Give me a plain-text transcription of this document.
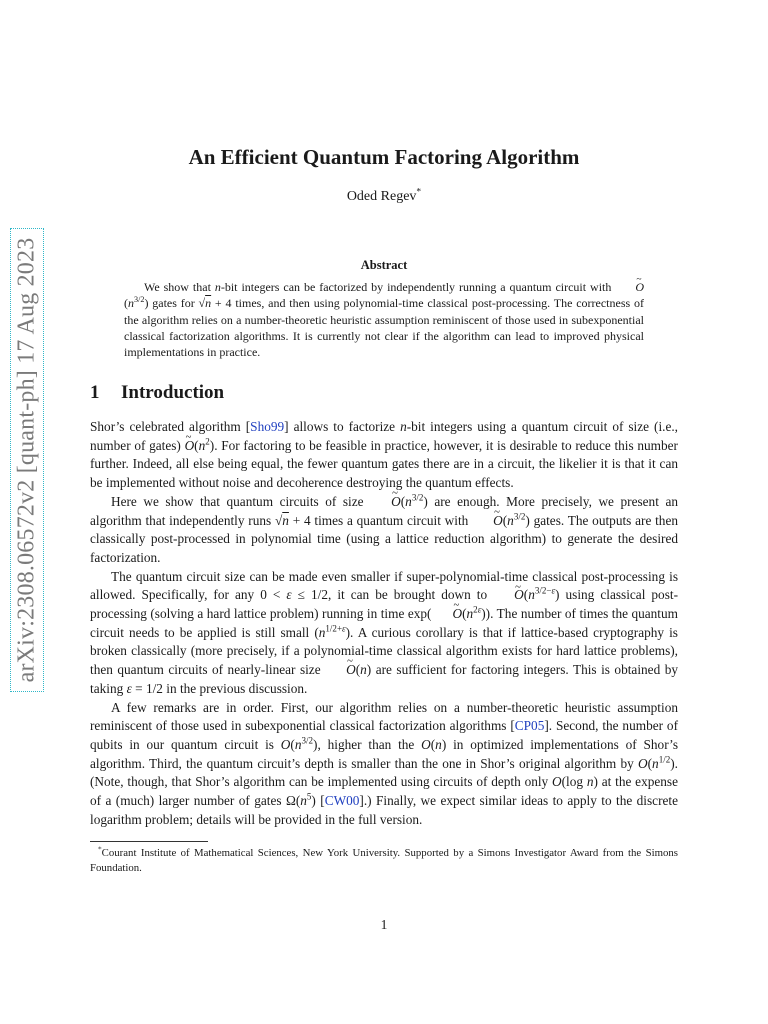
arXiv:2308.06572v2 [quant-ph] 17 Aug 2023
An Efficient Quantum Factoring Algorithm
Oded Regev*
Abstract

We show that n-bit integers can be factorized by independently running a quantum circuit with ~ $O(n^{3/2})$ gates for √n + 4 times, and then using polynomial-time classical post-processing. The correctness of the algorithm relies on a number-theoretic heuristic assumption reminiscent of those used in subexponential classical factorization algorithms. It is currently not clear if the algorithm can lead to improved physical implementations in practice.

1 Introduction

Shor’s celebrated algorithm [Sho99] allows to factorize n-bit integers using a quantum circuit of size (i.e., number of gates) ~ $O(n^2)$. For factoring to be feasible in practice, however, it is desirable to reduce this number further. Indeed, all else being equal, the fewer quantum gates there are in a circuit, the likelier it is that it can be implemented without noise and decoherence destroying the quantum effects.

Here we show that quantum circuits of size ~ $O(n^{3/2})$ are enough. More precisely, we present an algorithm that independently runs √n + 4 times a quantum circuit with ~ $O(n^{3/2})$ gates. The outputs are then classically post-processed in polynomial time (using a lattice reduction algorithm) to generate the desired factorization.

The quantum circuit size can be made even smaller if super-polynomial-time classical post-processing is allowed. Specifically, for any 0 < ε ≤ 1/2, it can be brought down to ~ $O(n^{3/2-\varepsilon})$ using classical post-processing (solving a hard lattice problem) running in time exp( ~ $O(n^{2\varepsilon})$). The number of times the quantum circuit needs to be applied is still small $(n^{1/2+\varepsilon})$. A curious corollary is that if lattice-based cryptography is broken classically (more precisely, if a polynomial-time classical algorithm exists for hard lattice problems), then quantum circuits of nearly-linear size ~ O(n) are sufficient for factoring integers. This is obtained by taking ε = 1/2 in the previous discussion.

A few remarks are in order. First, our algorithm relies on a number-theoretic heuristic assumption reminiscent of those used in subexponential classical factorization algorithms [CP05]. Second, the number of qubits in our quantum circuit is $O(n^{3/2})$, higher than the O(n) in optimized implementations of Shor’s algorithm. Third, the quantum circuit’s depth is smaller than the one in Shor’s original algorithm by $O(n^{1/2})$. (Note, though, that Shor’s algorithm can be implemented using circuits of depth only O(log n) at the expense of a (much) larger number of gates $\Omega(n^5)$ [CW00].) Finally, we expect similar ideas to apply to the discrete logarithm problem; details will be provided in the full version.

*Courant Institute of Mathematical Sciences, New York University. Supported by a Simons Investigator Award from the Simons Foundation.

1
